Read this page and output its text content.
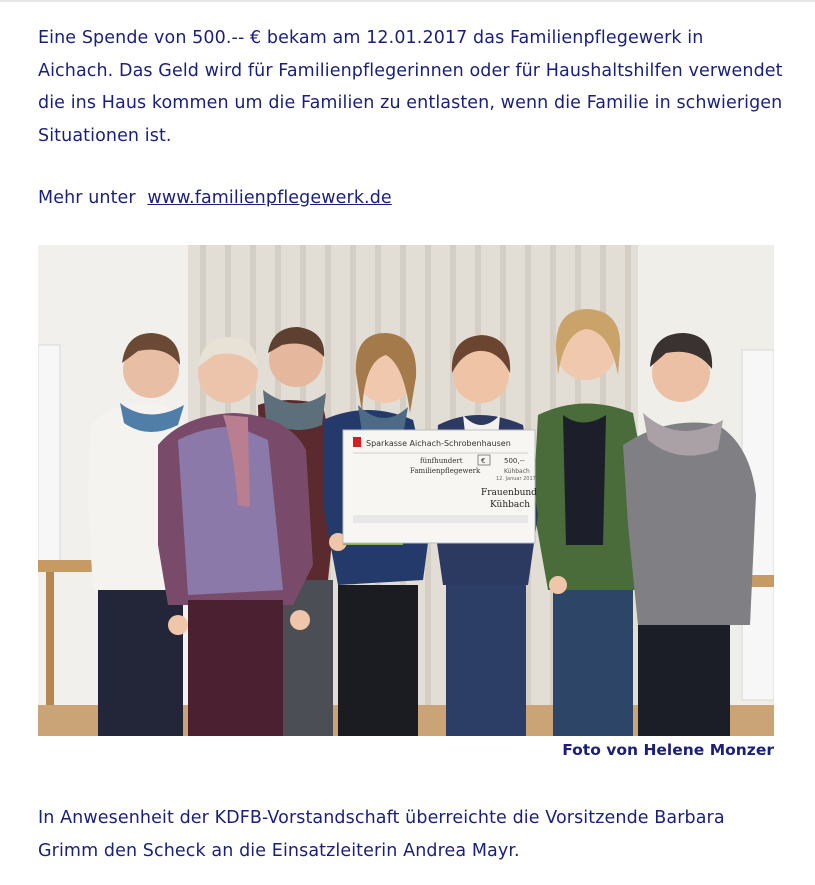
Eine Spende von 500.-- € bekam am 12.01.2017 das Familienpflegewerk in Aichach. Das Geld wird für Familienpflegerinnen oder für Haushaltshilfen verwendet die ins Haus kommen um die Familien zu entlasten, wenn die Familie in schwierigen Situationen ist.
Mehr unter www.familienpflegewerk.de
Sparkasse Aichach-Schrobenhausen
fünfhundert
Familienpflegewerk
€	500,--
Kühbach
12. Januar 2017
Frauenbund
Kühbach
Foto von Helene Monzer
In Anwesenheit der KDFB-Vorstandschaft überreichte die Vorsitzende Barbara Grimm den Scheck an die Einsatzleiterin Andrea Mayr.
